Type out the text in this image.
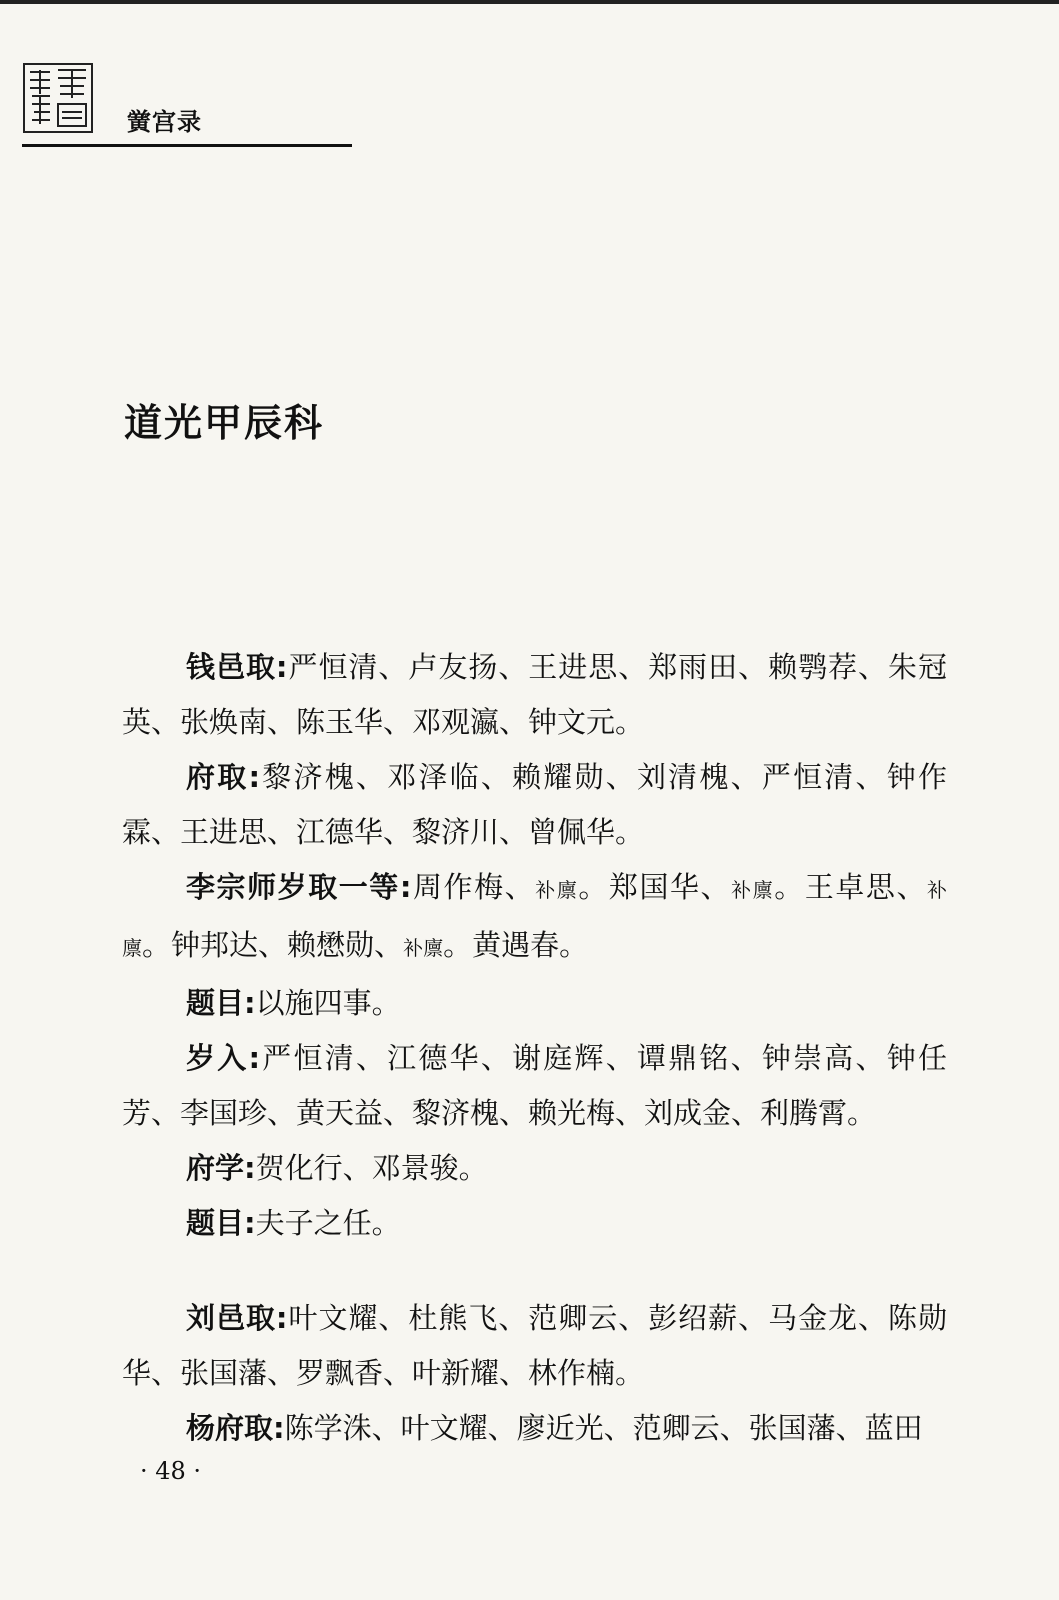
黉宫录
道光甲辰科

钱邑取:严恒清、卢友扬、王进思、郑雨田、赖鹗荐、朱冠英、张焕南、陈玉华、邓观瀛、钟文元。

府取:黎济槐、邓泽临、赖耀勋、刘清槐、严恒清、钟作霖、王进思、江德华、黎济川、曾佩华。

李宗师岁取一等:周作梅、补廪。郑国华、补廪。王卓思、补廪。钟邦达、赖懋勋、补廪。黄遇春。

题目:以施四事。

岁入:严恒清、江德华、谢庭辉、谭鼎铭、钟崇高、钟任芳、李国珍、黄天益、黎济槐、赖光梅、刘成金、利腾霄。

府学:贺化行、邓景骏。

题目:夫子之任。

刘邑取:叶文耀、杜熊飞、范卿云、彭绍薪、马金龙、陈勋华、张国藩、罗飘香、叶新耀、林作楠。

杨府取:陈学洙、叶文耀、廖近光、范卿云、张国藩、蓝田

· 48 ·
